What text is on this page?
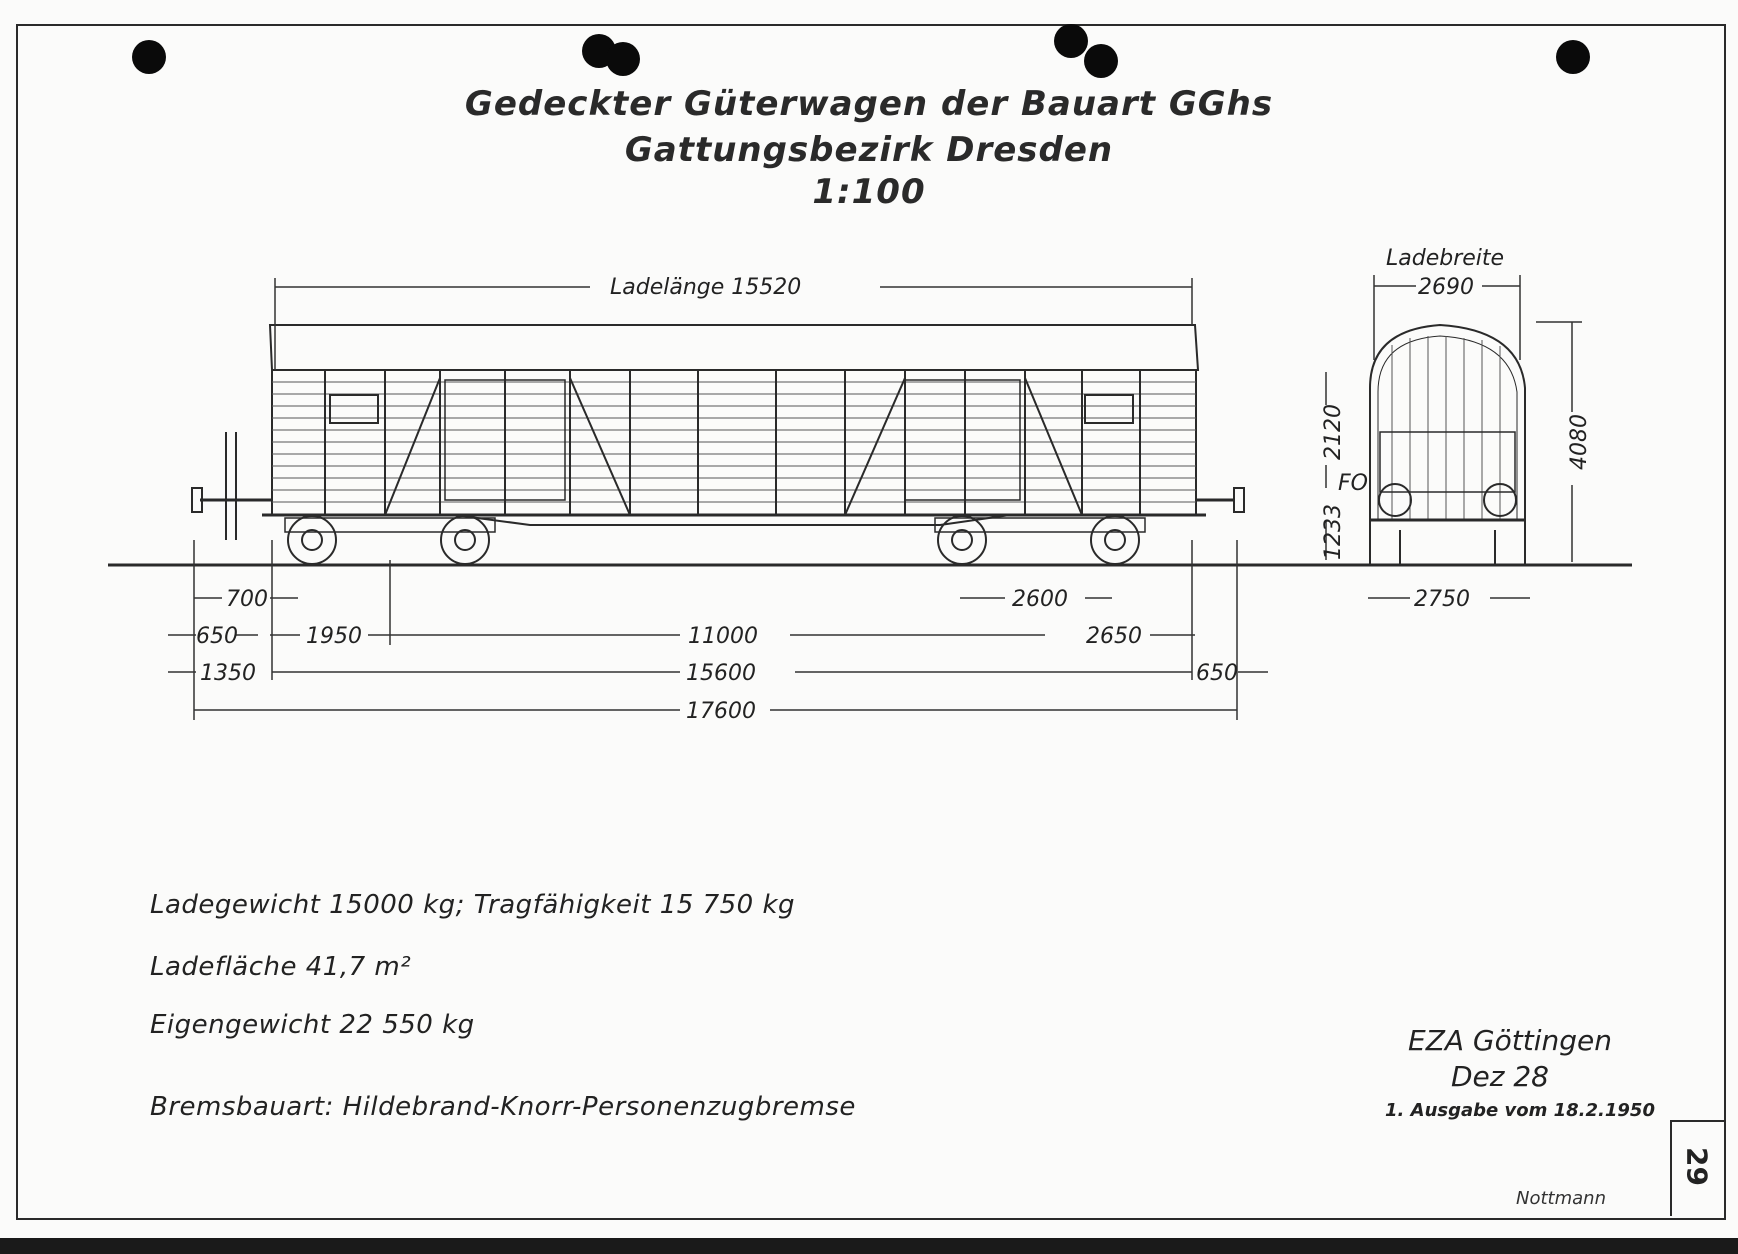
Gedeckter Güterwagen der Bauart GGhs
Gattungsbezirk Dresden
1:100
Ladelänge 15520
Ladebreite
2690
4080
2120
FO
1233
2750
700
650	1950	11000
2600
2650
1350	15600	650
17600
Ladegewicht 15000 kg; Tragfähigkeit 15 750 kg
Ladefläche 41,7 m²
Eigengewicht 22 550 kg
Bremsbauart: Hildebrand-Knorr-Personenzugbremse
EZA Göttingen
Dez 28
1. Ausgabe vom 18.2.1950
Nottmann
29
